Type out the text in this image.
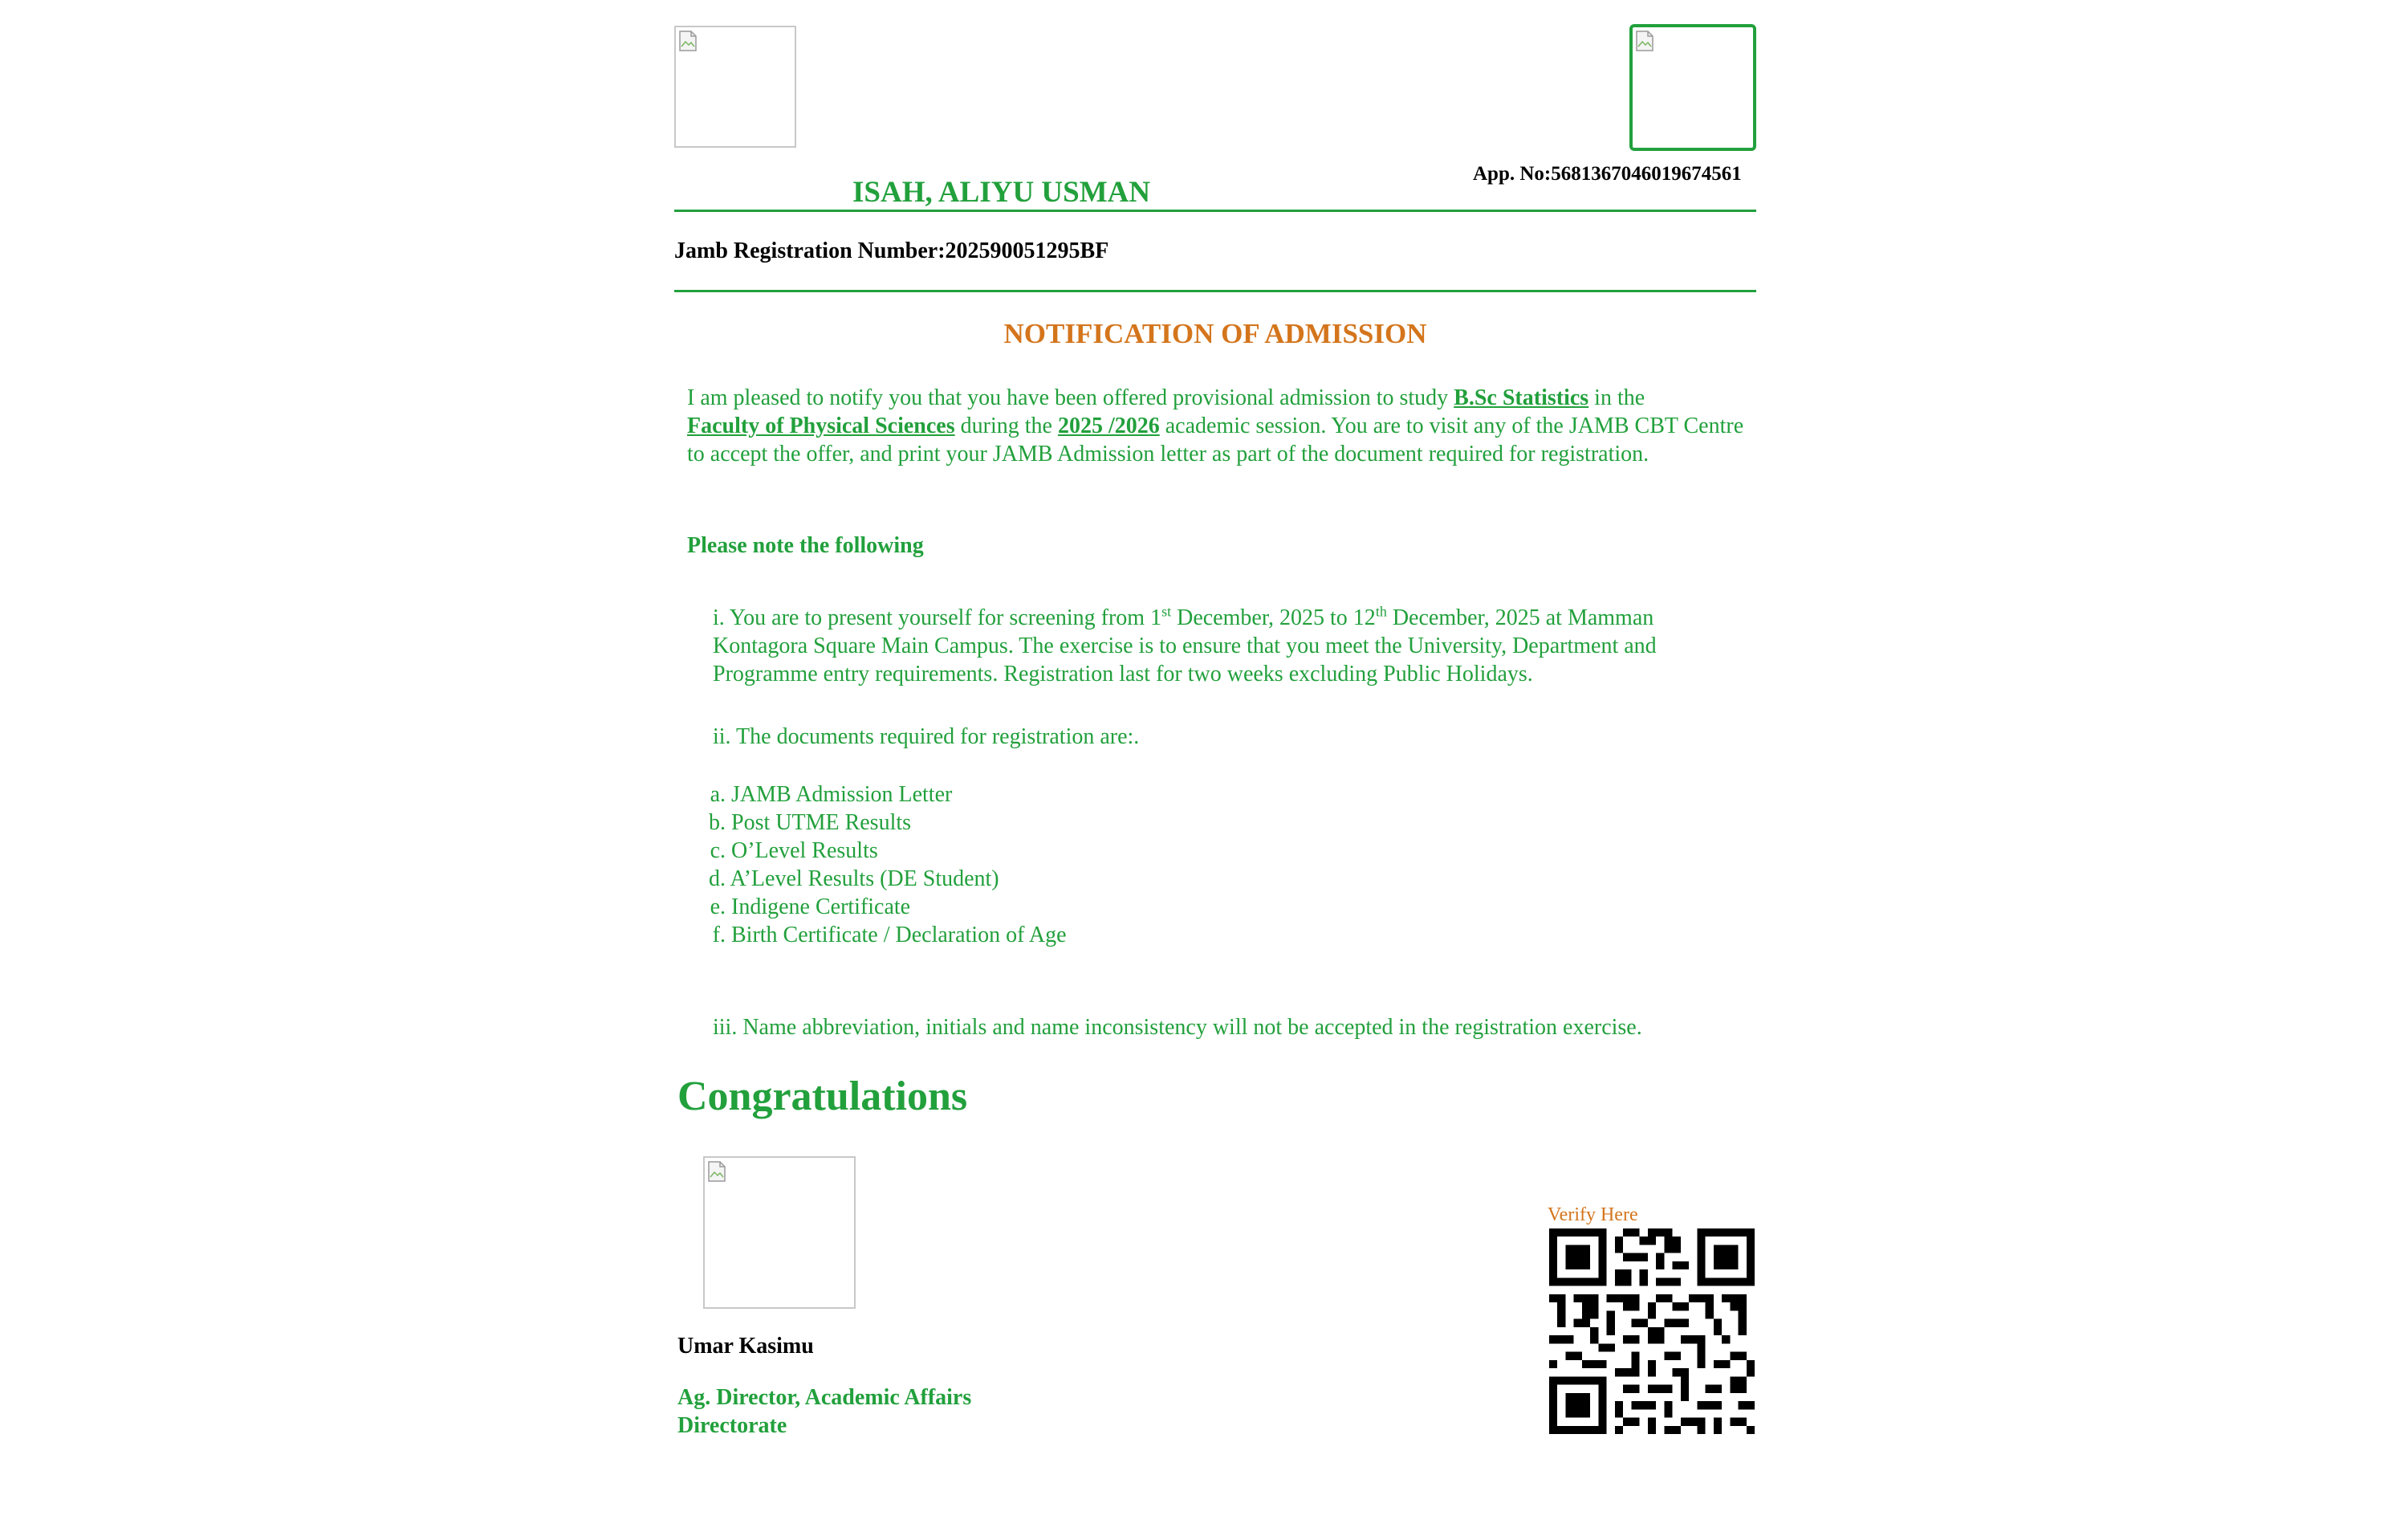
App. No:5681367046019674561
ISAH, ALIYU USMAN
Jamb Registration Number:202590051295BF
NOTIFICATION OF ADMISSION
I am pleased to notify you that you have been offered provisional admission to study B.Sc Statistics in the
Faculty of Physical Sciences during the 2025 /2026 academic session. You are to visit any of the JAMB CBT Centre to accept the offer, and print your JAMB Admission letter as part of the document required for registration.
Please note the following
i. You are to present yourself for screening from 1st December, 2025 to 12th December, 2025 at Mamman Kontagora Square Main Campus. The exercise is to ensure that you meet the University, Department and Programme entry requirements. Registration last for two weeks excluding Public Holidays.
ii. The documents required for registration are:.
a. JAMB Admission Letter
b. Post UTME Results
c. O’Level Results
d. A’Level Results (DE Student)
e. Indigene Certificate
f. Birth Certificate / Declaration of Age
iii. Name abbreviation, initials and name inconsistency will not be accepted in the registration exercise.
Congratulations
Umar Kasimu
Ag. Director, Academic Affairs
Directorate
Verify Here
